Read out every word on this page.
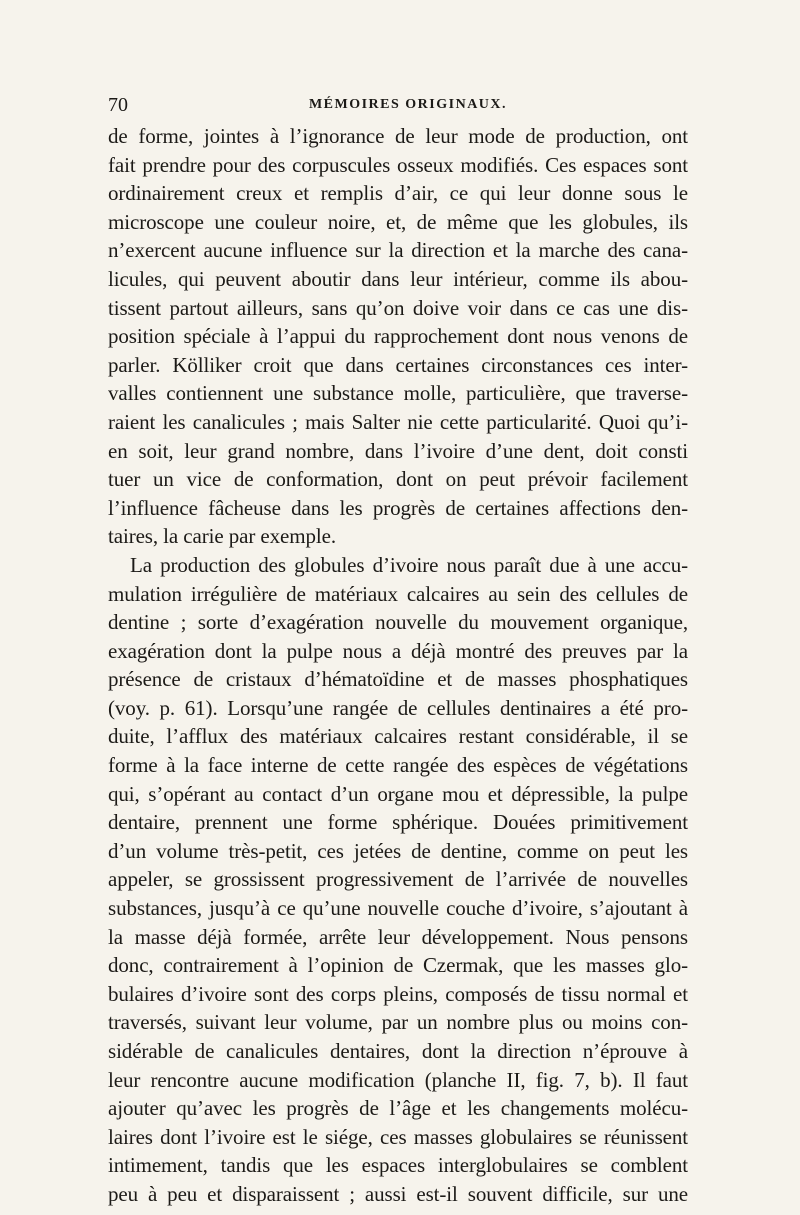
70	MÉMOIRES ORIGINAUX.
de forme, jointes à l’ignorance de leur mode de production, ont
fait prendre pour des corpuscules osseux modifiés. Ces espaces sont
ordinairement creux et remplis d’air, ce qui leur donne sous le
microscope une couleur noire, et, de même que les globules, ils
n’exercent aucune influence sur la direction et la marche des cana-
licules, qui peuvent aboutir dans leur intérieur, comme ils abou-
tissent partout ailleurs, sans qu’on doive voir dans ce cas une dis-
position spéciale à l’appui du rapprochement dont nous venons de
parler. Kölliker croit que dans certaines circonstances ces inter-
valles contiennent une substance molle, particulière, que traverse-
raient les canalicules ; mais Salter nie cette particularité. Quoi qu’i-
en soit, leur grand nombre, dans l’ivoire d’une dent, doit consti
tuer un vice de conformation, dont on peut prévoir facilement
l’influence fâcheuse dans les progrès de certaines affections den-
taires, la carie par exemple.
La production des globules d’ivoire nous paraît due à une accu-
mulation irrégulière de matériaux calcaires au sein des cellules de
dentine ; sorte d’exagération nouvelle du mouvement organique,
exagération dont la pulpe nous a déjà montré des preuves par la
présence de cristaux d’hématoïdine et de masses phosphatiques
(voy. p. 61). Lorsqu’une rangée de cellules dentinaires a été pro-
duite, l’afflux des matériaux calcaires restant considérable, il se
forme à la face interne de cette rangée des espèces de végétations
qui, s’opérant au contact d’un organe mou et dépressible, la pulpe
dentaire, prennent une forme sphérique. Douées primitivement
d’un volume très-petit, ces jetées de dentine, comme on peut les
appeler, se grossissent progressivement de l’arrivée de nouvelles
substances, jusqu’à ce qu’une nouvelle couche d’ivoire, s’ajoutant à
la masse déjà formée, arrête leur développement. Nous pensons
donc, contrairement à l’opinion de Czermak, que les masses glo-
bulaires d’ivoire sont des corps pleins, composés de tissu normal et
traversés, suivant leur volume, par un nombre plus ou moins con-
sidérable de canalicules dentaires, dont la direction n’éprouve à
leur rencontre aucune modification (planche II, fig. 7, b). Il faut
ajouter qu’avec les progrès de l’âge et les changements molécu-
laires dont l’ivoire est le siége, ces masses globulaires se réunissent
intimement, tandis que les espaces interglobulaires se comblent
peu à peu et disparaissent ; aussi est-il souvent difficile, sur une
